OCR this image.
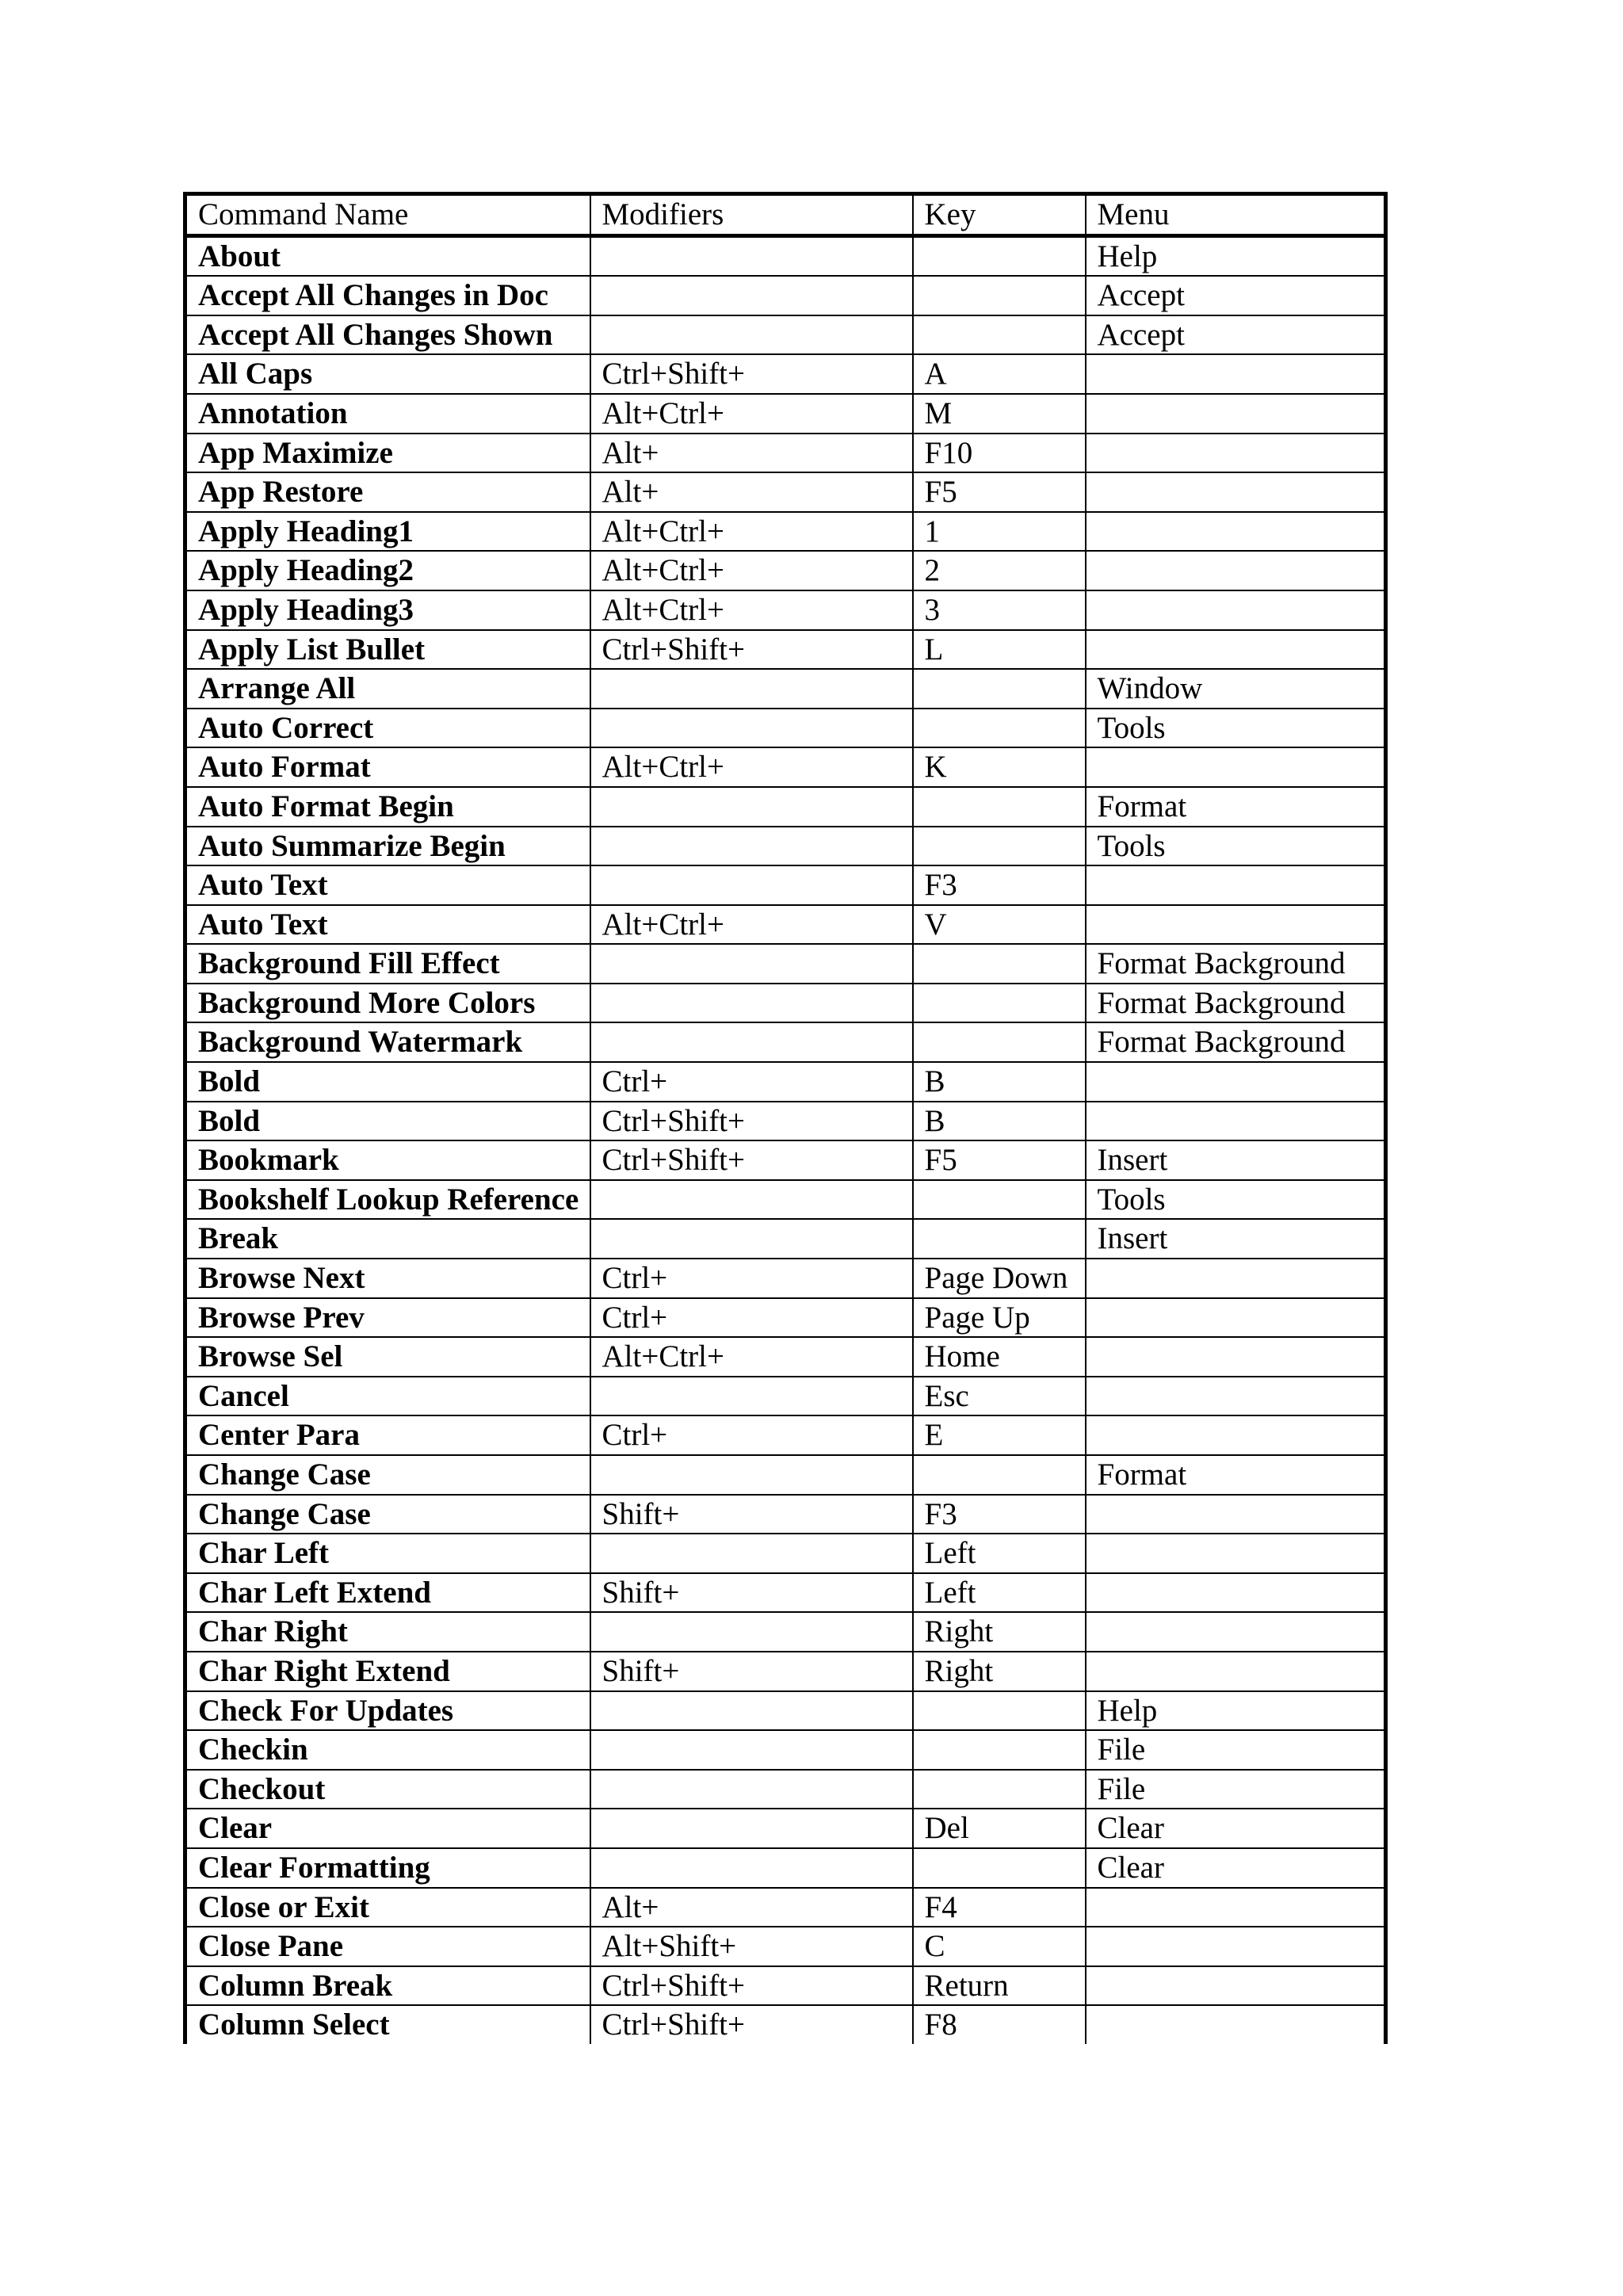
Command Name	Modifiers	Key	Menu
About			Help
Accept All Changes in Doc			Accept
Accept All Changes Shown			Accept
All Caps	Ctrl+Shift+	A	
Annotation	Alt+Ctrl+	M	
App Maximize	Alt+	F10	
App Restore	Alt+	F5	
Apply Heading1	Alt+Ctrl+	1	
Apply Heading2	Alt+Ctrl+	2	
Apply Heading3	Alt+Ctrl+	3	
Apply List Bullet	Ctrl+Shift+	L	
Arrange All			Window
Auto Correct			Tools
Auto Format	Alt+Ctrl+	K	
Auto Format Begin			Format
Auto Summarize Begin			Tools
Auto Text		F3	
Auto Text	Alt+Ctrl+	V	
Background Fill Effect			Format Background
Background More Colors			Format Background
Background Watermark			Format Background
Bold	Ctrl+	B	
Bold	Ctrl+Shift+	B	
Bookmark	Ctrl+Shift+	F5	Insert
Bookshelf Lookup Reference			Tools
Break			Insert
Browse Next	Ctrl+	Page Down	
Browse Prev	Ctrl+	Page Up	
Browse Sel	Alt+Ctrl+	Home	
Cancel		Esc	
Center Para	Ctrl+	E	
Change Case			Format
Change Case	Shift+	F3	
Char Left		Left	
Char Left Extend	Shift+	Left	
Char Right		Right	
Char Right Extend	Shift+	Right	
Check For Updates			Help
Checkin			File
Checkout			File
Clear		Del	Clear
Clear Formatting			Clear
Close or Exit	Alt+	F4	
Close Pane	Alt+Shift+	C	
Column Break	Ctrl+Shift+	Return	
Column Select	Ctrl+Shift+	F8	
